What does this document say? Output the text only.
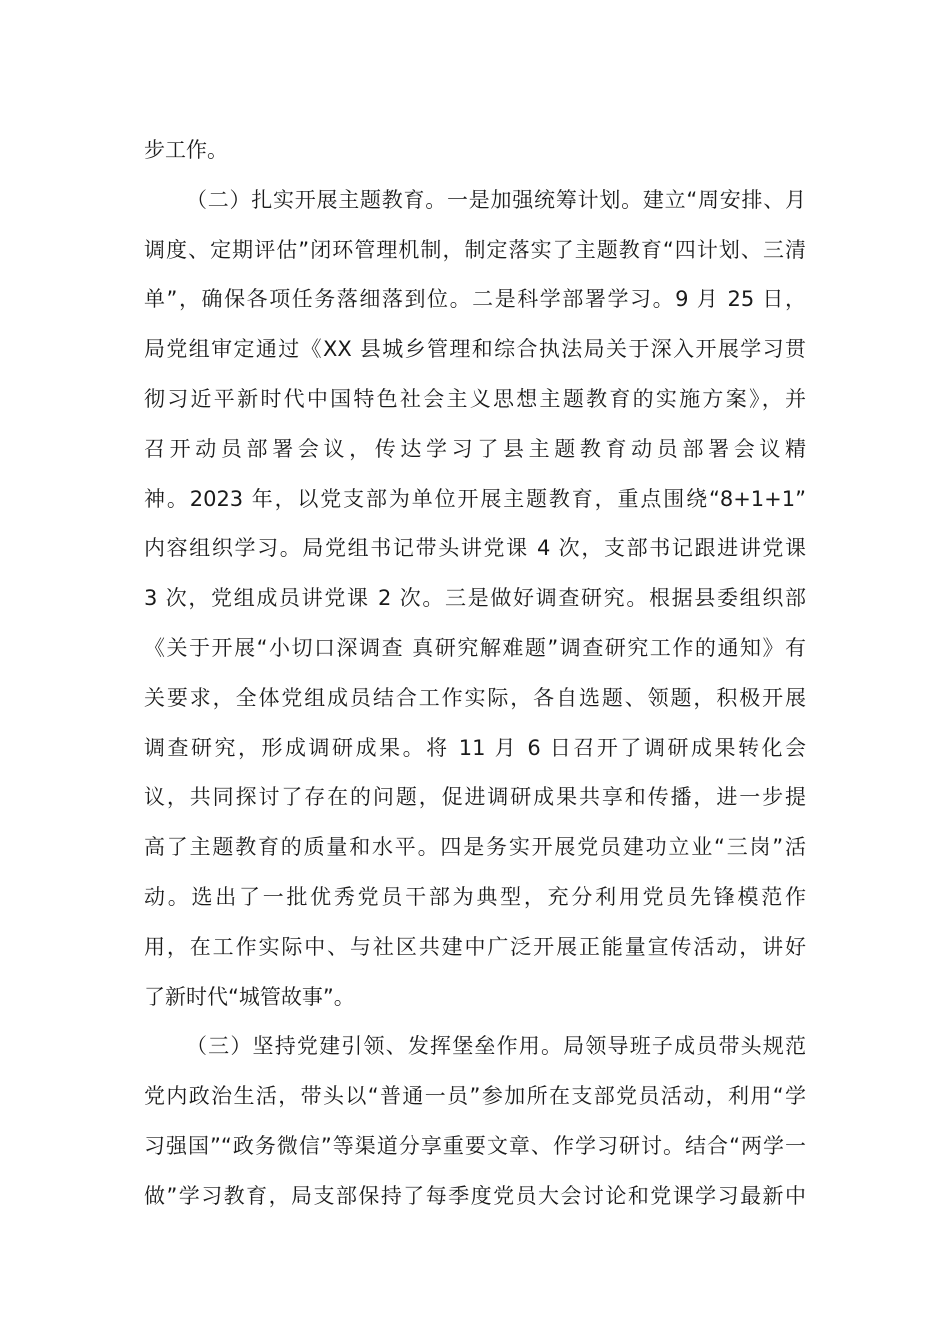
步工作。
（二）扎实开展主题教育。一是加强统筹计划。建立“周安排、月
调度、定期评估”闭环管理机制，制定落实了主题教育“四计划、三清
单”，确保各项任务落细落到位。二是科学部署学习。9 月 25 日，
局党组审定通过《XX 县城乡管理和综合执法局关于深入开展学习贯
彻习近平新时代中国特色社会主义思想主题教育的实施方案》，并
召开动员部署会议，传达学习了县主题教育动员部署会议精
神。2023 年，以党支部为单位开展主题教育，重点围绕“8+1+1”
内容组织学习。局党组书记带头讲党课 4 次，支部书记跟进讲党课
3 次，党组成员讲党课 2 次。三是做好调查研究。根据县委组织部
《关于开展“小切口深调查 真研究解难题”调查研究工作的通知》有
关要求，全体党组成员结合工作实际，各自选题、领题，积极开展
调查研究，形成调研成果。将 11 月 6 日召开了调研成果转化会
议，共同探讨了存在的问题，促进调研成果共享和传播，进一步提
高了主题教育的质量和水平。四是务实开展党员建功立业“三岗”活
动。选出了一批优秀党员干部为典型，充分利用党员先锋模范作
用，在工作实际中、与社区共建中广泛开展正能量宣传活动，讲好
了新时代“城管故事”。
（三）坚持党建引领、发挥堡垒作用。局领导班子成员带头规范
党内政治生活，带头以“普通一员”参加所在支部党员活动，利用“学
习强国”“政务微信”等渠道分享重要文章、作学习研讨。结合“两学一
做”学习教育，局支部保持了每季度党员大会讨论和党课学习最新中
